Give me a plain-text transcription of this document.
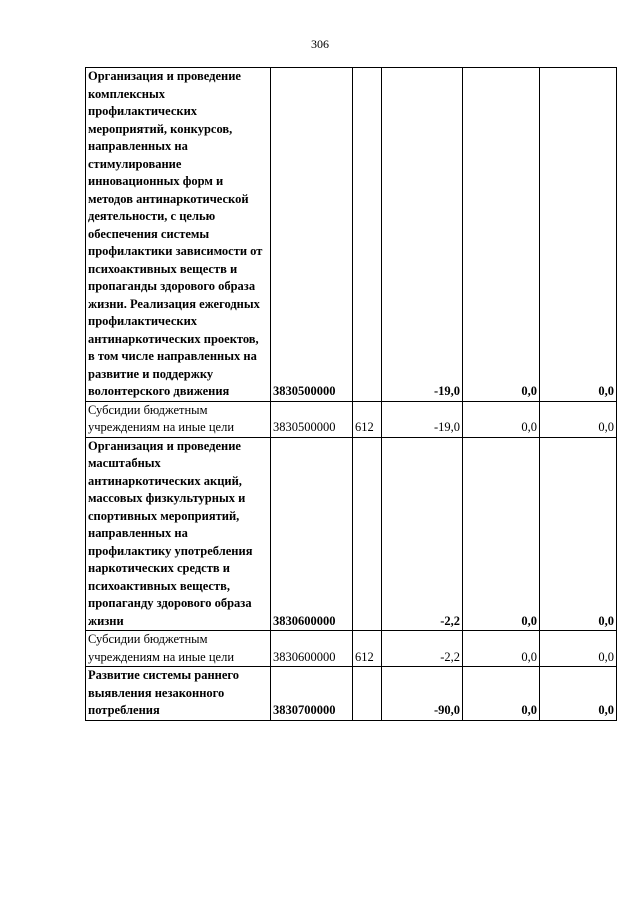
306
Организация и проведение комплексных профилактических мероприятий, конкурсов, направленных на стимулирование инновационных форм и методов антинаркотической деятельности, с целью обеспечения системы профилактики зависимости от психоактивных веществ и пропаганды здорового образа жизни. Реализация ежегодных профилактических антинаркотических проектов, в том числе направленных на развитие и поддержку волонтерского движения	3830500000		-19,0	0,0	0,0
Субсидии бюджетным учреждениям на иные цели	3830500000	612	-19,0	0,0	0,0
Организация и проведение масштабных антинаркотических акций, массовых физкультурных и спортивных мероприятий, направленных на профилактику употребления наркотических средств и психоактивных веществ, пропаганду здорового образа жизни	3830600000		-2,2	0,0	0,0
Субсидии бюджетным учреждениям на иные цели	3830600000	612	-2,2	0,0	0,0
Развитие системы раннего выявления незаконного потребления	3830700000		-90,0	0,0	0,0
